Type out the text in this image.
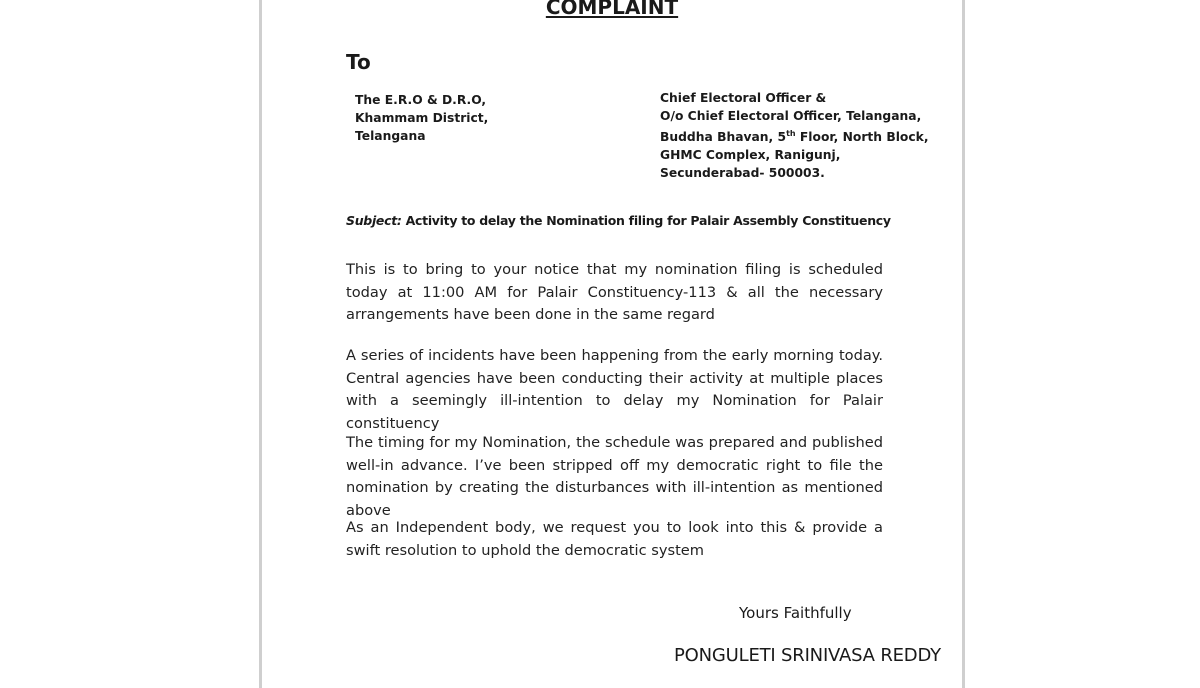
COMPLAINT
To
The E.R.O & D.R.O,
Khammam District,
Telangana
Chief Electoral Officer &
O/o Chief Electoral Officer, Telangana,
Buddha Bhavan, 5th Floor, North Block,
GHMC Complex, Ranigunj,
Secunderabad- 500003.
Subject: Activity to delay the Nomination filing for Palair Assembly Constituency
This is to bring to your notice that my nomination filing is scheduled today at 11:00 AM for Palair Constituency-113 & all the necessary arrangements have been done in the same regard
A series of incidents have been happening from the early morning today. Central agencies have been conducting their activity at multiple places with a seemingly ill-intention to delay my Nomination for Palair constituency
The timing for my Nomination, the schedule was prepared and published well-in advance. I’ve been stripped off my democratic right to file the nomination by creating the disturbances with ill-intention as mentioned above
As an Independent body, we request you to look into this & provide a swift resolution to uphold the democratic system
Yours Faithfully
PONGULETI SRINIVASA REDDY
